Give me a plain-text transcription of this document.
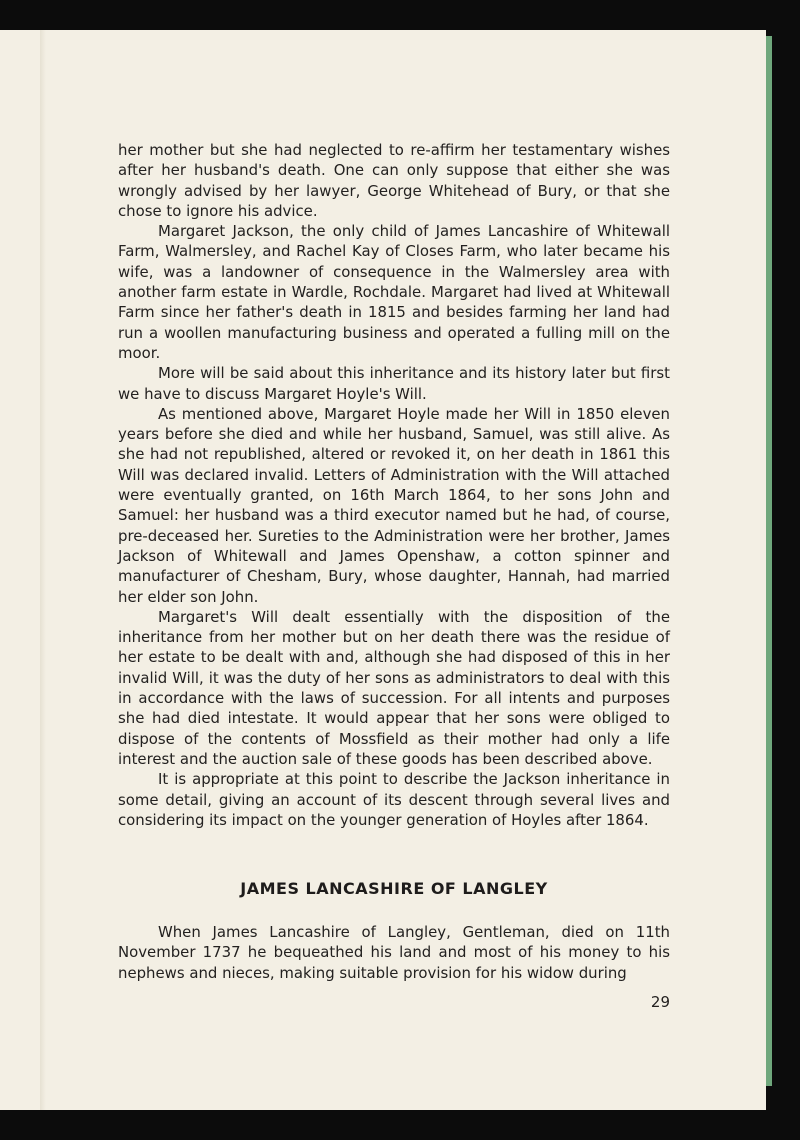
her mother but she had neglected to re-affirm her testamentary wishes after her husband's death. One can only suppose that either she was wrongly advised by her lawyer, George Whitehead of Bury, or that she chose to ignore his advice.

Margaret Jackson, the only child of James Lancashire of Whitewall Farm, Walmersley, and Rachel Kay of Closes Farm, who later became his wife, was a landowner of consequence in the Walmersley area with another farm estate in Wardle, Rochdale. Margaret had lived at Whitewall Farm since her father's death in 1815 and besides farming her land had run a woollen manufacturing business and operated a fulling mill on the moor.

More will be said about this inheritance and its history later but first we have to discuss Margaret Hoyle's Will.

As mentioned above, Margaret Hoyle made her Will in 1850 eleven years before she died and while her husband, Samuel, was still alive. As she had not republished, altered or revoked it, on her death in 1861 this Will was declared invalid. Letters of Administration with the Will attached were eventually granted, on 16th March 1864, to her sons John and Samuel: her husband was a third executor named but he had, of course, pre-deceased her. Sureties to the Administration were her brother, James Jackson of Whitewall and James Openshaw, a cotton spinner and manufacturer of Chesham, Bury, whose daughter, Hannah, had married her elder son John.

Margaret's Will dealt essentially with the disposition of the inheritance from her mother but on her death there was the residue of her estate to be dealt with and, although she had disposed of this in her invalid Will, it was the duty of her sons as administrators to deal with this in accordance with the laws of succession. For all intents and purposes she had died intestate. It would appear that her sons were obliged to dispose of the contents of Mossfield as their mother had only a life interest and the auction sale of these goods has been described above.

It is appropriate at this point to describe the Jackson inheritance in some detail, giving an account of its descent through several lives and considering its impact on the younger generation of Hoyles after 1864.

JAMES LANCASHIRE OF LANGLEY

When James Lancashire of Langley, Gentleman, died on 11th November 1737 he bequeathed his land and most of his money to his nephews and nieces, making suitable provision for his widow during

29
